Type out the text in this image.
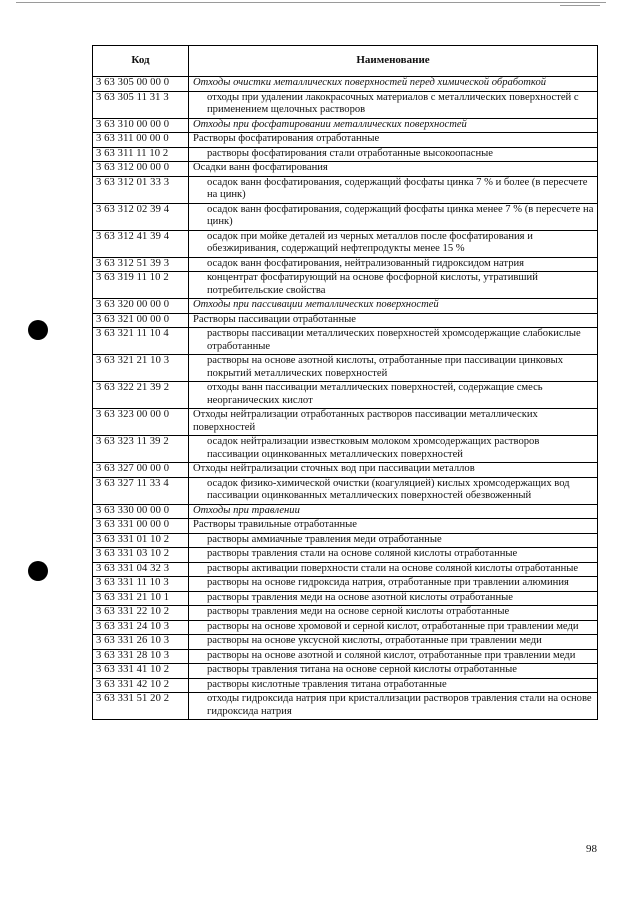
Код	Наименование
3 63 305 00 00 0	Отходы очистки металлических поверхностей перед химической обработкой
3 63 305 11 31 3	отходы при удалении лакокрасочных материалов с металлических поверхностей с применением щелочных растворов
3 63 310 00 00 0	Отходы при фосфатировании металлических поверхностей
3 63 311 00 00 0	Растворы фосфатирования отработанные
3 63 311 11 10 2	растворы фосфатирования стали отработанные высокоопасные
3 63 312 00 00 0	Осадки ванн фосфатирования
3 63 312 01 33 3	осадок ванн фосфатирования, содержащий фосфаты цинка 7 % и более (в пересчете на цинк)
3 63 312 02 39 4	осадок ванн фосфатирования, содержащий фосфаты цинка менее 7 % (в пересчете на цинк)
3 63 312 41 39 4	осадок при мойке деталей из черных металлов после фосфатирования и обезжиривания, содержащий нефтепродукты менее 15 %
3 63 312 51 39 3	осадок ванн фосфатирования, нейтрализованный гидроксидом натрия
3 63 319 11 10 2	концентрат фосфатирующий на основе фосфорной кислоты, утративший потребительские свойства
3 63 320 00 00 0	Отходы при пассивации металлических поверхностей
3 63 321 00 00 0	Растворы пассивации отработанные
3 63 321 11 10 4	растворы пассивации металлических поверхностей хромсодержащие слабокислые отработанные
3 63 321 21 10 3	растворы на основе азотной кислоты, отработанные при пассивации цинковых покрытий металлических поверхностей
3 63 322 21 39 2	отходы ванн пассивации металлических поверхностей, содержащие смесь неорганических кислот
3 63 323 00 00 0	Отходы нейтрализации отработанных растворов пассивации металлических поверхностей
3 63 323 11 39 2	осадок нейтрализации известковым молоком хромсодержащих растворов пассивации оцинкованных металлических поверхностей
3 63 327 00 00 0	Отходы нейтрализации сточных вод при пассивации металлов
3 63 327 11 33 4	осадок физико-химической очистки (коагуляцией) кислых хромсодержащих вод пассивации оцинкованных металлических поверхностей обезвоженный
3 63 330 00 00 0	Отходы при травлении
3 63 331 00 00 0	Растворы травильные отработанные
3 63 331 01 10 2	растворы аммиачные травления меди отработанные
3 63 331 03 10 2	растворы травления стали на основе соляной кислоты отработанные
3 63 331 04 32 3	растворы активации поверхности стали на основе соляной кислоты отработанные
3 63 331 11 10 3	растворы на основе гидроксида натрия, отработанные при травлении алюминия
3 63 331 21 10 1	растворы травления меди на основе азотной кислоты отработанные
3 63 331 22 10 2	растворы травления меди на основе серной кислоты отработанные
3 63 331 24 10 3	растворы на основе хромовой и серной кислот, отработанные при травлении меди
3 63 331 26 10 3	растворы на основе уксусной кислоты, отработанные при травлении меди
3 63 331 28 10 3	растворы на основе азотной и соляной кислот, отработанные при травлении меди
3 63 331 41 10 2	растворы травления титана на основе серной кислоты отработанные
3 63 331 42 10 2	растворы кислотные травления титана отработанные
3 63 331 51 20 2	отходы гидроксида натрия при кристаллизации растворов травления стали на основе гидроксида натрия
98
